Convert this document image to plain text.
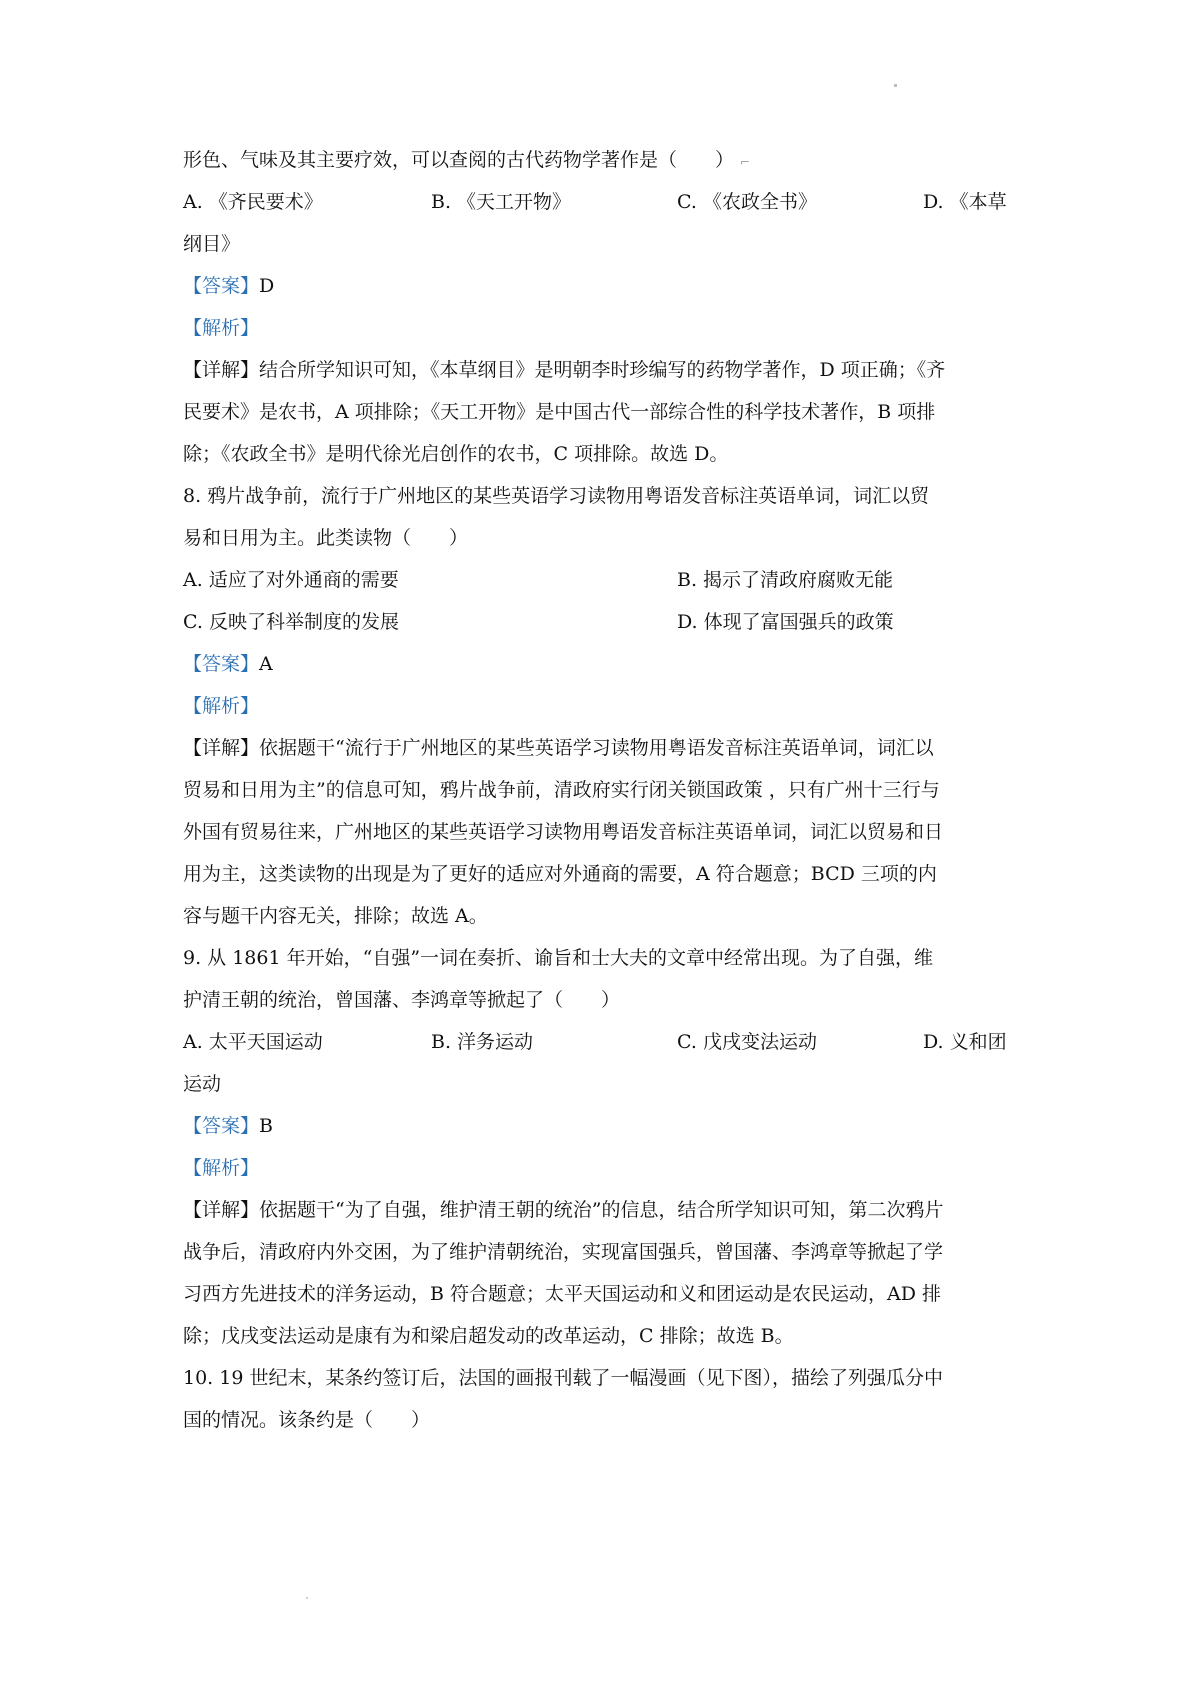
形色、气味及其主要疗效，可以查阅的古代药物学著作是（　　） ⌐
A. 《齐民要术》	B. 《天工开物》	C. 《农政全书》	D. 《本草
纲目》
【答案】D
【解析】
【详解】结合所学知识可知，《本草纲目》是明朝李时珍编写的药物学著作，D 项正确；《齐
民要术》是农书，A 项排除；《天工开物》是中国古代一部综合性的科学技术著作，B 项排
除；《农政全书》是明代徐光启创作的农书，C 项排除。故选 D。
8. 鸦片战争前，流行于广州地区的某些英语学习读物用粤语发音标注英语单词，词汇以贸
易和日用为主。此类读物（　　）
A. 适应了对外通商的需要	B. 揭示了清政府腐败无能
C. 反映了科举制度的发展	D. 体现了富国强兵的政策
【答案】A
【解析】
【详解】依据题干“流行于广州地区的某些英语学习读物用粤语发音标注英语单词，词汇以
贸易和日用为主”的信息可知，鸦片战争前，清政府实行闭关锁国政策 ，只有广州十三行与
外国有贸易往来，广州地区的某些英语学习读物用粤语发音标注英语单词，词汇以贸易和日
用为主，这类读物的出现是为了更好的适应对外通商的需要，A 符合题意；BCD 三项的内
容与题干内容无关，排除；故选 A。
9. 从 1861 年开始，“自强”一词在奏折、谕旨和士大夫的文章中经常出现。为了自强，维
护清王朝的统治，曾国藩、李鸿章等掀起了（　　）
A. 太平天国运动	B. 洋务运动	C. 戊戌变法运动	D. 义和团
运动
【答案】B
【解析】
【详解】依据题干“为了自强，维护清王朝的统治”的信息，结合所学知识可知，第二次鸦片
战争后，清政府内外交困，为了维护清朝统治，实现富国强兵，曾国藩、李鸿章等掀起了学
习西方先进技术的洋务运动，B 符合题意；太平天国运动和义和团运动是农民运动，AD 排
除；戊戌变法运动是康有为和梁启超发动的改革运动，C 排除；故选 B。
10. 19 世纪末，某条约签订后，法国的画报刊载了一幅漫画（见下图），描绘了列强瓜分中
国的情况。该条约是（　　）
